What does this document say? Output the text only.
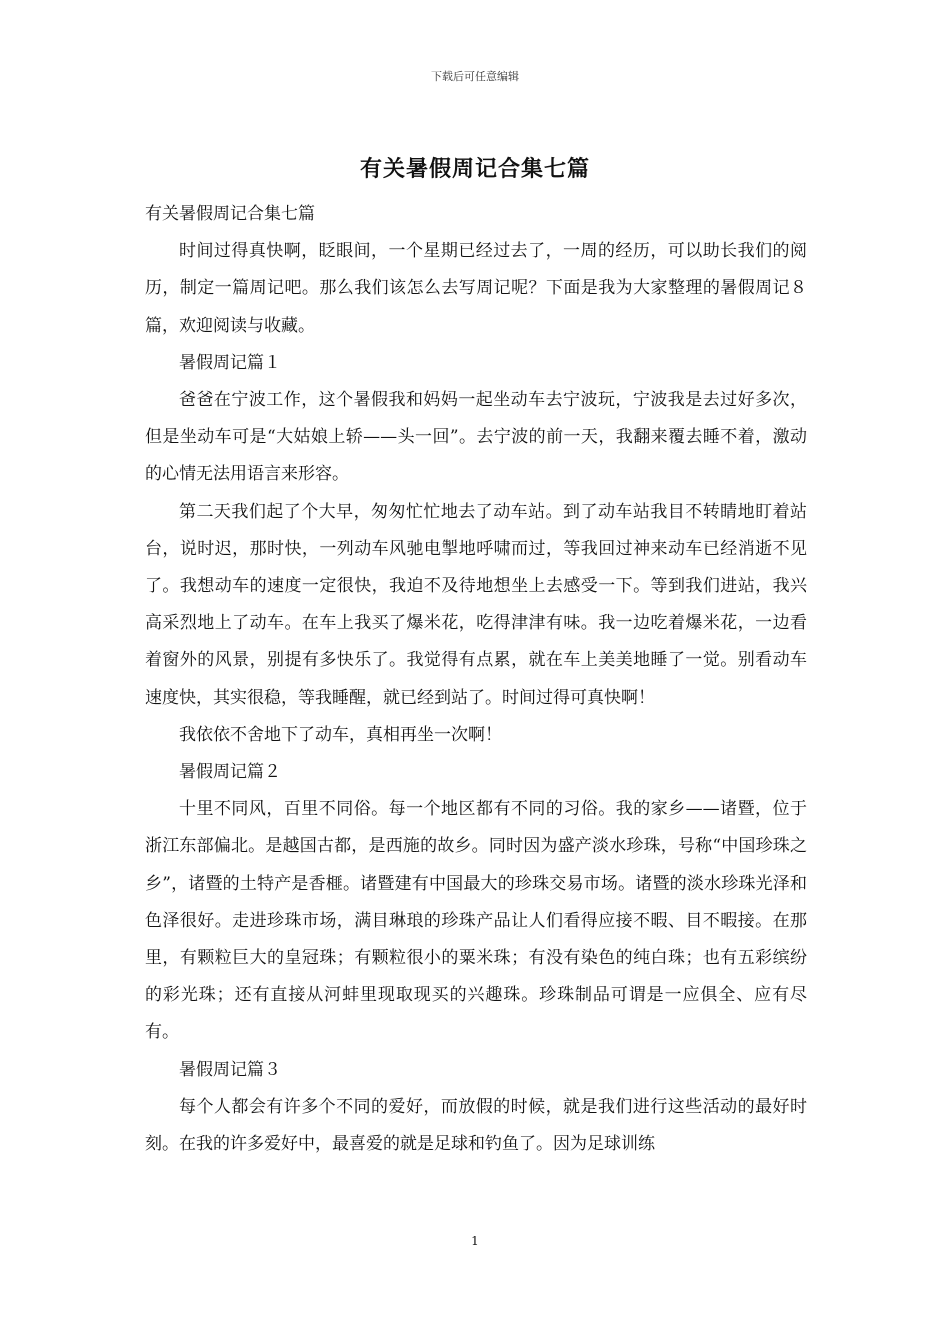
下载后可任意编辑
有关暑假周记合集七篇

有关暑假周记合集七篇

时间过得真快啊，眨眼间，一个星期已经过去了，一周的经历，可以助长我们的阅历，制定一篇周记吧。那么我们该怎么去写周记呢？下面是我为大家整理的暑假周记８篇，欢迎阅读与收藏。

暑假周记篇１

爸爸在宁波工作，这个暑假我和妈妈一起坐动车去宁波玩，宁波我是去过好多次，但是坐动车可是“大姑娘上轿——头一回”。去宁波的前一天，我翻来覆去睡不着，激动的心情无法用语言来形容。

第二天我们起了个大早，匆匆忙忙地去了动车站。到了动车站我目不转睛地盯着站台，说时迟，那时快，一列动车风驰电掣地呼啸而过，等我回过神来动车已经消逝不见了。我想动车的速度一定很快，我迫不及待地想坐上去感受一下。等到我们进站，我兴高采烈地上了动车。在车上我买了爆米花，吃得津津有味。我一边吃着爆米花，一边看着窗外的风景，别提有多快乐了。我觉得有点累，就在车上美美地睡了一觉。别看动车速度快，其实很稳，等我睡醒，就已经到站了。时间过得可真快啊！

我依依不舍地下了动车，真相再坐一次啊！

暑假周记篇２

十里不同风，百里不同俗。每一个地区都有不同的习俗。我的家乡——诸暨，位于浙江东部偏北。是越国古都，是西施的故乡。同时因为盛产淡水珍珠，号称“中国珍珠之乡”，诸暨的土特产是香榧。诸暨建有中国最大的珍珠交易市场。诸暨的淡水珍珠光泽和色泽很好。走进珍珠市场，满目琳琅的珍珠产品让人们看得应接不暇、目不暇接。在那里，有颗粒巨大的皇冠珠；有颗粒很小的粟米珠；有没有染色的纯白珠；也有五彩缤纷的彩光珠；还有直接从河蚌里现取现买的兴趣珠。珍珠制品可谓是一应俱全、应有尽有。

暑假周记篇３

每个人都会有许多个不同的爱好，而放假的时候，就是我们进行这些活动的最好时刻。在我的许多爱好中，最喜爱的就是足球和钓鱼了。因为足球训练

1
